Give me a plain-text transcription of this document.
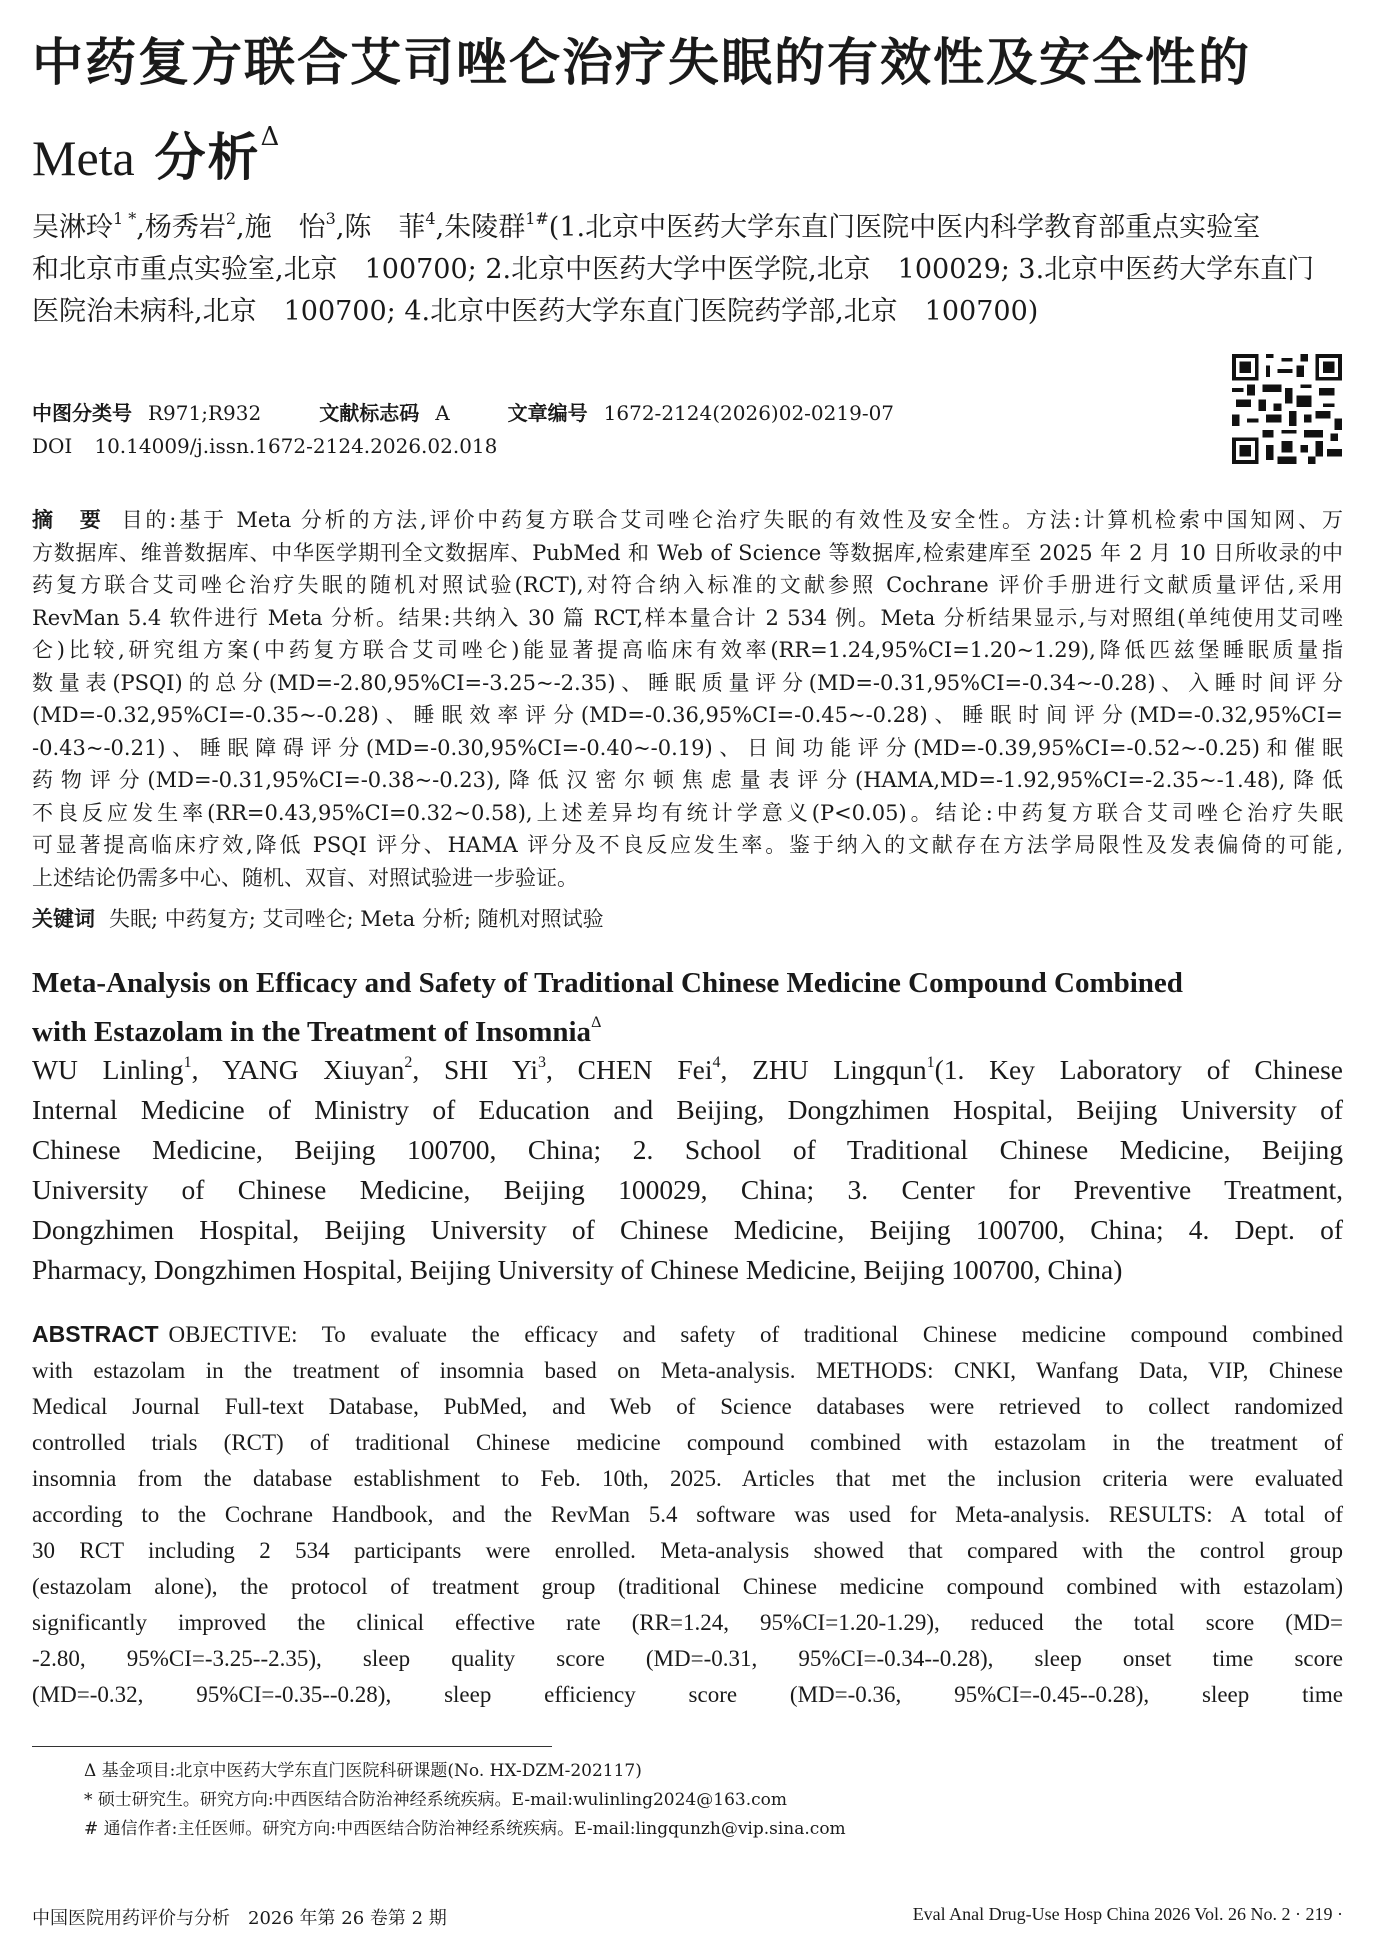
中药复方联合艾司唑仑治疗失眠的有效性及安全性的
Meta 分析$^\Delta$
吴淋玲$^{1 *}$,杨秀岩$^2$,施　怡$^3$,陈　菲$^4$,朱陵群$^{1\#}$(1.北京中医药大学东直门医院中医内科学教育部重点实验室
和北京市重点实验室,北京　100700; 2.北京中医药大学中医学院,北京　100029; 3.北京中医药大学东直门
医院治未病科,北京　100700; 4.北京中医药大学东直门医院药学部,北京　100700)
中图分类号 R971;R932	文献标志码 A	文章编号 1672-2124(2026)02-0219-07
DOI 10.14009/j.issn.1672-2124.2026.02.018
摘　要 目的:基于 Meta 分析的方法,评价中药复方联合艾司唑仑治疗失眠的有效性及安全性。方法:计算机检索中国知网、万
方数据库、维普数据库、中华医学期刊全文数据库、PubMed 和 Web of Science 等数据库,检索建库至 2025 年 2 月 10 日所收录的中
药复方联合艾司唑仑治疗失眠的随机对照试验(RCT),对符合纳入标准的文献参照 Cochrane 评价手册进行文献质量评估,采用
RevMan 5.4 软件进行 Meta 分析。结果:共纳入 30 篇 RCT,样本量合计 2 534 例。Meta 分析结果显示,与对照组(单纯使用艾司唑
仑)比较,研究组方案(中药复方联合艾司唑仑)能显著提高临床有效率(RR=1.24,95%CI=1.20~1.29),降低匹兹堡睡眠质量指
数量表(PSQI)的总分(MD=-2.80,95%CI=-3.25~-2.35)、睡眠质量评分(MD=-0.31,95%CI=-0.34~-0.28)、入睡时间评分
(MD=-0.32,95%CI=-0.35~-0.28)、睡眠效率评分(MD=-0.36,95%CI=-0.45~-0.28)、睡眠时间评分(MD=-0.32,95%CI=
-0.43~-0.21)、睡眠障碍评分(MD=-0.30,95%CI=-0.40~-0.19)、日间功能评分(MD=-0.39,95%CI=-0.52~-0.25)和催眠
药物评分(MD=-0.31,95%CI=-0.38~-0.23),降低汉密尔顿焦虑量表评分(HAMA,MD=-1.92,95%CI=-2.35~-1.48),降低
不良反应发生率(RR=0.43,95%CI=0.32~0.58),上述差异均有统计学意义(P<0.05)。结论:中药复方联合艾司唑仑治疗失眠
可显著提高临床疗效,降低 PSQI 评分、HAMA 评分及不良反应发生率。鉴于纳入的文献存在方法学局限性及发表偏倚的可能,
上述结论仍需多中心、随机、双盲、对照试验进一步验证。
关键词 失眠; 中药复方; 艾司唑仑; Meta 分析; 随机对照试验
Meta-Analysis on Efficacy and Safety of Traditional Chinese Medicine Compound Combined
with Estazolam in the Treatment of Insomnia$^\Delta$
WU Linling$^1$, YANG Xiuyan$^2$, SHI Yi$^3$, CHEN Fei$^4$, ZHU Lingqun$^1$(1. Key Laboratory of Chinese
Internal Medicine of Ministry of Education and Beijing, Dongzhimen Hospital, Beijing University of
Chinese Medicine, Beijing 100700, China; 2. School of Traditional Chinese Medicine, Beijing
University of Chinese Medicine, Beijing 100029, China; 3. Center for Preventive Treatment,
Dongzhimen Hospital, Beijing University of Chinese Medicine, Beijing 100700, China; 4. Dept. of
Pharmacy, Dongzhimen Hospital, Beijing University of Chinese Medicine, Beijing 100700, China)
ABSTRACT OBJECTIVE: To evaluate the efficacy and safety of traditional Chinese medicine compound combined
with estazolam in the treatment of insomnia based on Meta-analysis. METHODS: CNKI, Wanfang Data, VIP, Chinese
Medical Journal Full-text Database, PubMed, and Web of Science databases were retrieved to collect randomized
controlled trials (RCT) of traditional Chinese medicine compound combined with estazolam in the treatment of
insomnia from the database establishment to Feb. 10th, 2025. Articles that met the inclusion criteria were evaluated
according to the Cochrane Handbook, and the RevMan 5.4 software was used for Meta-analysis. RESULTS: A total of
30 RCT including 2 534 participants were enrolled. Meta-analysis showed that compared with the control group
(estazolam alone), the protocol of treatment group (traditional Chinese medicine compound combined with estazolam)
significantly improved the clinical effective rate (RR=1.24, 95%CI=1.20-1.29), reduced the total score (MD=
-2.80, 95%CI=-3.25--2.35), sleep quality score (MD=-0.31, 95%CI=-0.34--0.28), sleep onset time score
(MD=-0.32, 95%CI=-0.35--0.28), sleep efficiency score (MD=-0.36, 95%CI=-0.45--0.28), sleep time
Δ 基金项目:北京中医药大学东直门医院科研课题(No. HX-DZM-202117)
* 硕士研究生。研究方向:中西医结合防治神经系统疾病。E-mail:wulinling2024@163.com
# 通信作者:主任医师。研究方向:中西医结合防治神经系统疾病。E-mail:lingqunzh@vip.sina.com
中国医院用药评价与分析　2026 年第 26 卷第 2 期	Eval Anal Drug-Use Hosp China 2026 Vol. 26 No. 2 · 219 ·
